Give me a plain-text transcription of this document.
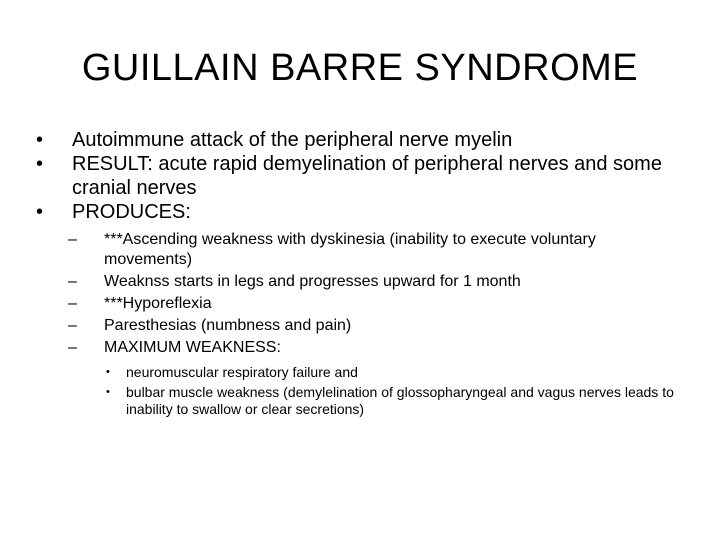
GUILLAIN BARRE SYNDROME
•	Autoimmune attack of the peripheral nerve myelin
•	RESULT: acute rapid demyelination of peripheral nerves and some cranial nerves
•	PRODUCES:
–	***Ascending weakness with dyskinesia (inability to execute voluntary movements)
–	Weaknss starts in legs and progresses upward for 1 month
–	***Hyporeflexia
–	Paresthesias (numbness and pain)
–	MAXIMUM WEAKNESS:
• neuromuscular respiratory failure and
• bulbar muscle weakness (demylelination of glossopharyngeal and vagus nerves leads to inability to swallow or clear secretions)
